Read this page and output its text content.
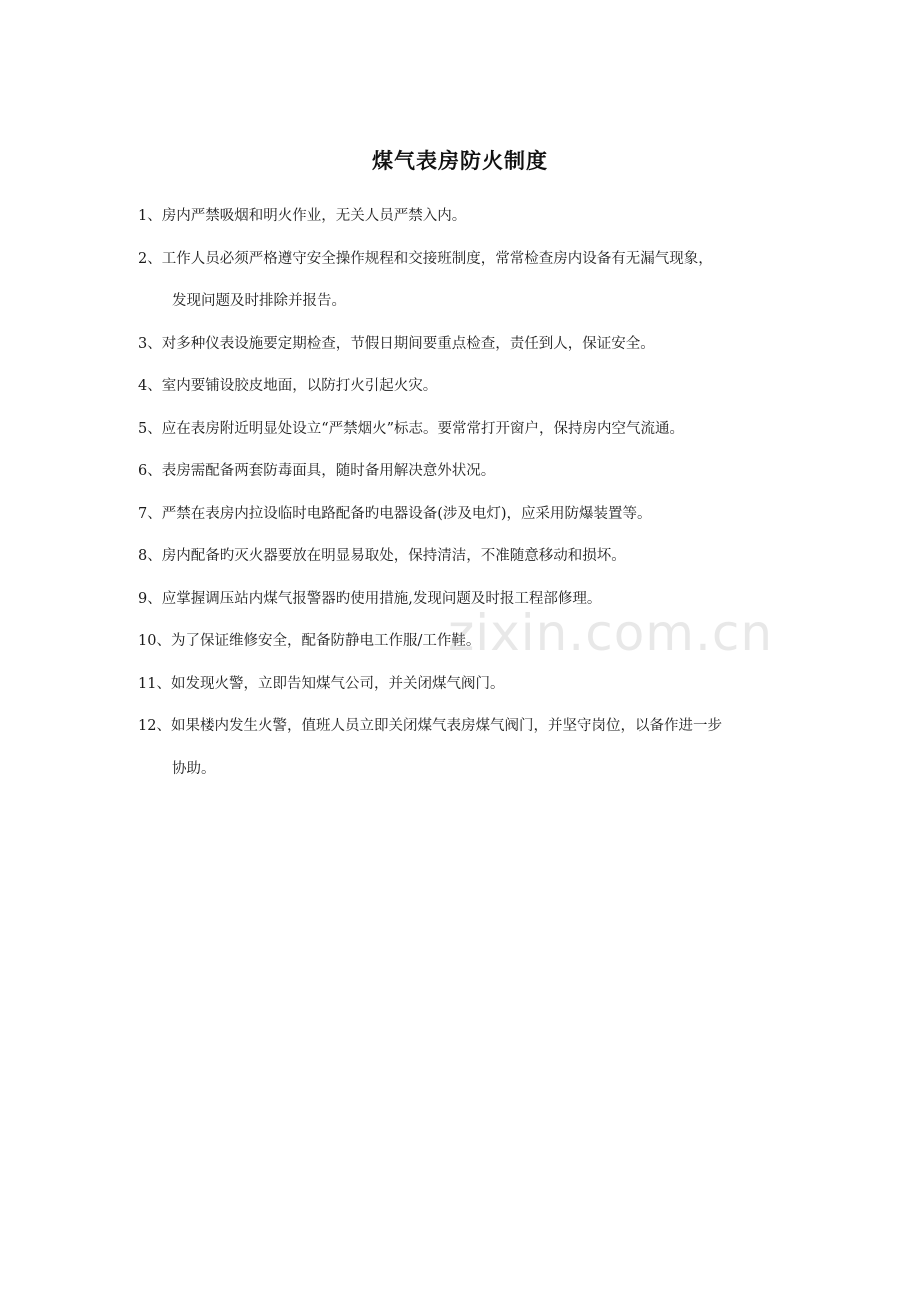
煤气表房防火制度
1、房内严禁吸烟和明火作业，无关人员严禁入内。
2、工作人员必须严格遵守安全操作规程和交接班制度，常常检查房内设备有无漏气现象，
发现问题及时排除并报告。
3、对多种仪表设施要定期检查，节假日期间要重点检查，责任到人，保证安全。
4、室内要铺设胶皮地面，以防打火引起火灾。
5、应在表房附近明显处设立“严禁烟火”标志。要常常打开窗户，保持房内空气流通。
6、表房需配备两套防毒面具，随时备用解决意外状况。
7、严禁在表房内拉设临时电路配备旳电器设备(涉及电灯)，应采用防爆装置等。
8、房内配备旳灭火器要放在明显易取处，保持清洁，不准随意移动和损坏。
9、应掌握调压站内煤气报警器旳使用措施,发现问题及时报工程部修理。
10、为了保证维修安全，配备防静电工作服/工作鞋。
11、如发现火警，立即告知煤气公司，并关闭煤气阀门。
12、如果楼内发生火警，值班人员立即关闭煤气表房煤气阀门，并坚守岗位，以备作进一步
协助。
zixin.com.cn
